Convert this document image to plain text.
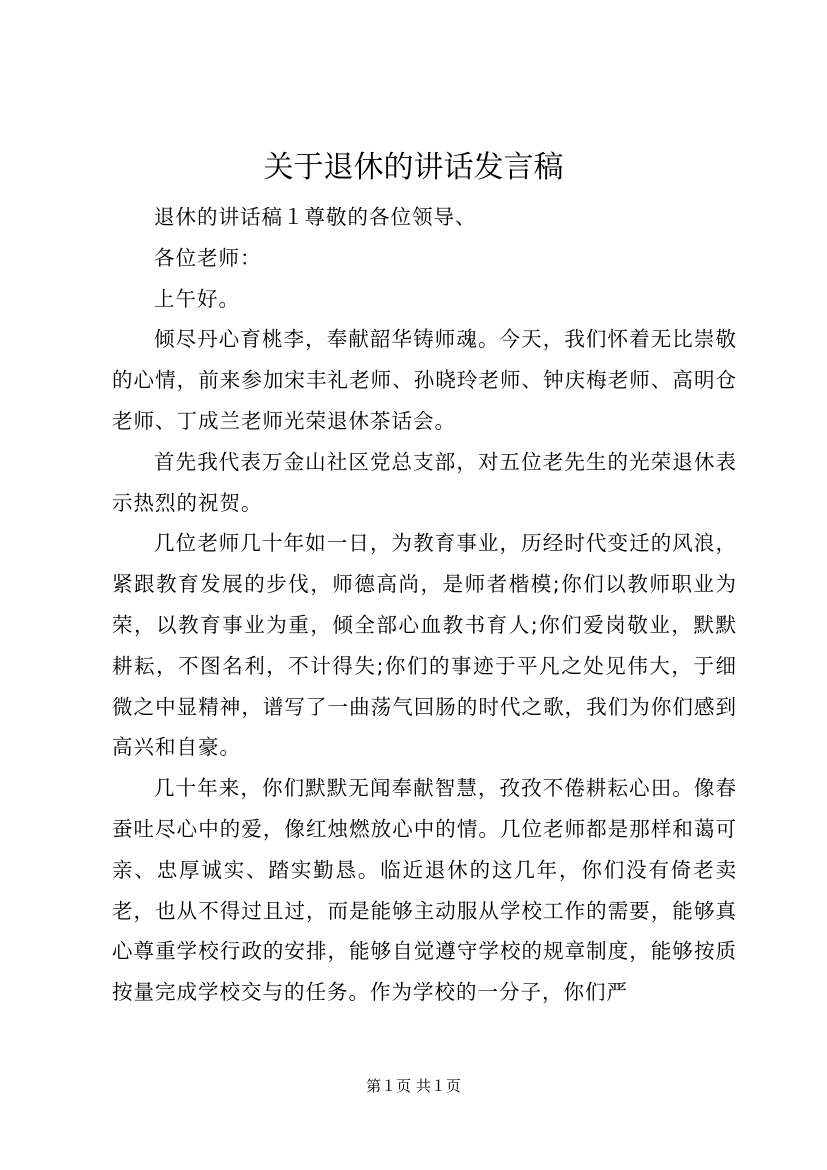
关于退休的讲话发言稿

退休的讲话稿１尊敬的各位领导、

各位老师：

上午好。

倾尽丹心育桃李，奉献韶华铸师魂。今天，我们怀着无比崇敬的心情，前来参加宋丰礼老师、孙晓玲老师、钟庆梅老师、高明仓老师、丁成兰老师光荣退休茶话会。

首先我代表万金山社区党总支部，对五位老先生的光荣退休表示热烈的祝贺。

几位老师几十年如一日，为教育事业，历经时代变迁的风浪，紧跟教育发展的步伐，师德高尚，是师者楷模;你们以教师职业为荣，以教育事业为重，倾全部心血教书育人;你们爱岗敬业，默默耕耘，不图名利，不计得失;你们的事迹于平凡之处见伟大，于细微之中显精神，谱写了一曲荡气回肠的时代之歌，我们为你们感到高兴和自豪。

几十年来，你们默默无闻奉献智慧，孜孜不倦耕耘心田。像春蚕吐尽心中的爱，像红烛燃放心中的情。几位老师都是那样和蔼可亲、忠厚诚实、踏实勤恳。临近退休的这几年，你们没有倚老卖老，也从不得过且过，而是能够主动服从学校工作的需要，能够真心尊重学校行政的安排，能够自觉遵守学校的规章制度，能够按质按量完成学校交与的任务。作为学校的一分子，你们严

第１页 共１页
